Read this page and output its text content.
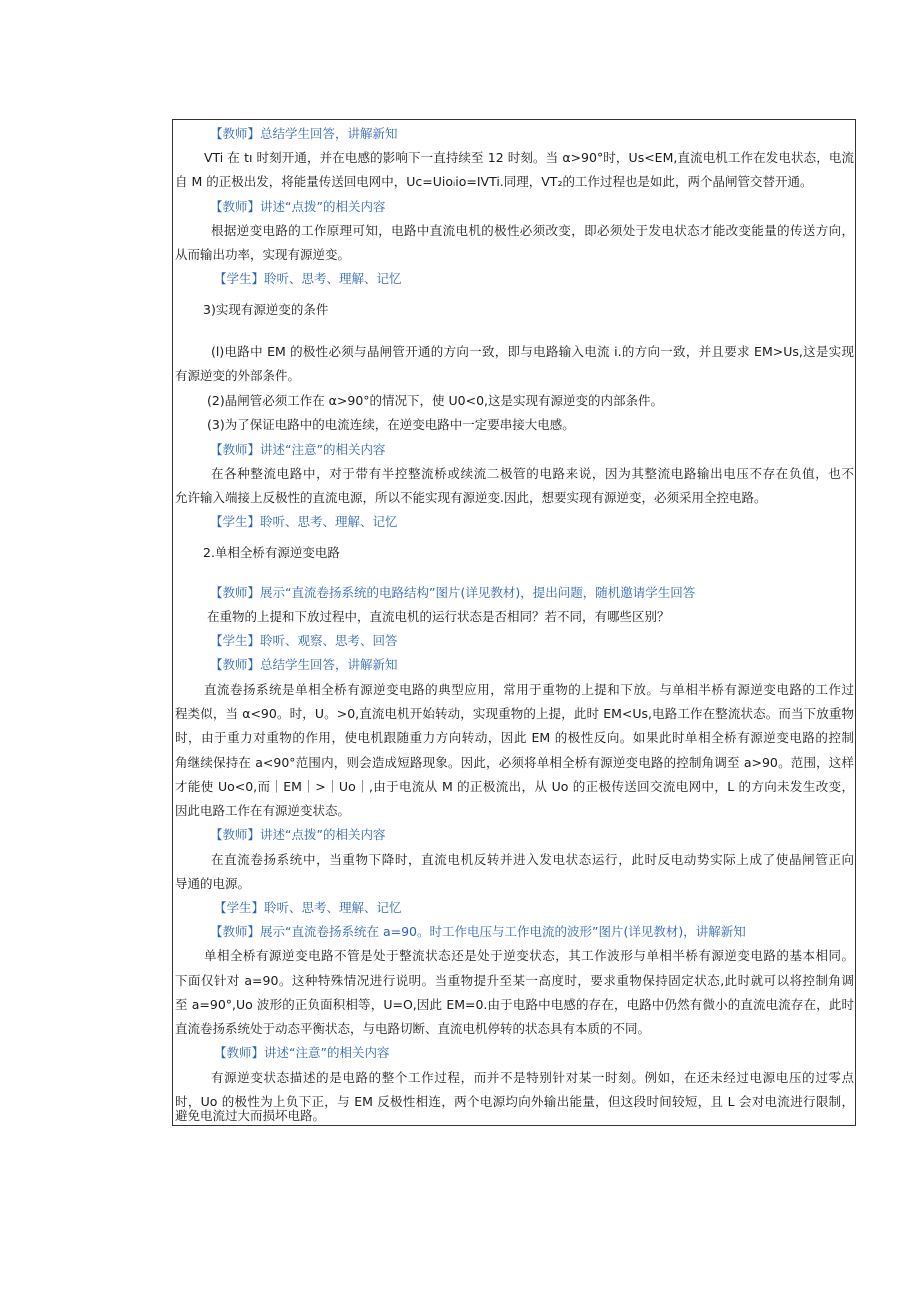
【教师】总结学生回答，讲解新知
VTi 在 tı 时刻开通，并在电感的影响下一直持续至 12 时刻。当 α>90°时，Us<EM,直流电机工作在发电状态，电流
自 M 的正极出发，将能量传送回电网中，Uc=Uioᵢio=IVTi.同理，VT₂的工作过程也是如此，两个晶闸管交替开通。
【教师】讲述“点拨”的相关内容
根据逆变电路的工作原理可知，电路中直流电机的极性必须改变，即必须处于发电状态才能改变能量的传送方向，
从而输出功率，实现有源逆变。
【学生】聆听、思考、理解、记忆
3)实现有源逆变的条件
(l)电路中 EM 的极性必须与晶闸管开通的方向一致，即与电路输入电流 i.的方向一致，并且要求 EM>Us,这是实现
有源逆变的外部条件。
(2)晶闸管必须工作在 α>90°的情况下，使 U0<0,这是实现有源逆变的内部条件。
(3)为了保证电路中的电流连续，在逆变电路中一定要串接大电感。
【教师】讲述“注意”的相关内容
在各种整流电路中，对于带有半控整流桥或续流二极管的电路来说，因为其整流电路输出电压不存在负值，也不
允许输入端接上反极性的直流电源，所以不能实现有源逆变.因此，想要实现有源逆变，必须采用全控电路。
【学生】聆听、思考、理解、记忆
2.单相全桥有源逆变电路
【教师】展示“直流卷扬系统的电路结构”图片(详见教材)，提出问题，随机邀请学生回答
在重物的上提和下放过程中，直流电机的运行状态是否相同？若不同，有哪些区别？
【学生】聆听、观察、思考、回答
【教师】总结学生回答，讲解新知
直流卷扬系统是单相全桥有源逆变电路的典型应用，常用于重物的上提和下放。与单相半桥有源逆变电路的工作过
程类似，当 α<90。时，U。>0,直流电机开始转动，实现重物的上提，此时 EM<Us,电路工作在整流状态。而当下放重物
时，由于重力对重物的作用，使电机跟随重力方向转动，因此 EM 的极性反向。如果此时单相全桥有源逆变电路的控制
角继续保持在 a<90°范围内，则会造成短路现象。因此，必须将单相全桥有源逆变电路的控制角调至 a>90。范围，这样
才能使 Uo<0,而｜EM｜>｜Uo｜,由于电流从 M 的正极流出，从 Uo 的正极传送回交流电网中，L 的方向未发生改变，
因此电路工作在有源逆变状态。
【教师】讲述“点拨”的相关内容
在直流卷扬系统中，当重物下降时，直流电机反转并进入发电状态运行，此时反电动势实际上成了使晶闸管正向
导通的电源。
【学生】聆听、思考、理解、记忆
【教师】展示“直流卷扬系统在 a=90。时工作电压与工作电流的波形”图片(详见教材)，讲解新知
单相全桥有源逆变电路不管是处于整流状态还是处于逆变状态，其工作波形与单相半桥有源逆变电路的基本相同。
下面仅针对 a=90。这种特殊情况进行说明。当重物提升至某一高度时，要求重物保持固定状态,此时就可以将控制角调
至 a=90°,Uo 波形的正负面积相等，U=O,因此 EM=0.由于电路中电感的存在，电路中仍然有微小的直流电流存在，此时
直流卷扬系统处于动态平衡状态，与电路切断、直流电机停转的状态具有本质的不同。
【教师】讲述“注意”的相关内容
有源逆变状态描述的是电路的整个工作过程，而并不是特别针对某一时刻。例如，在还未经过电源电压的过零点
时，Uo 的极性为上负下正，与 EM 反极性相连，两个电源均向外输出能量，但这段时间较短，且 L 会对电流进行限制，
避免电流过大而损坏电路。
